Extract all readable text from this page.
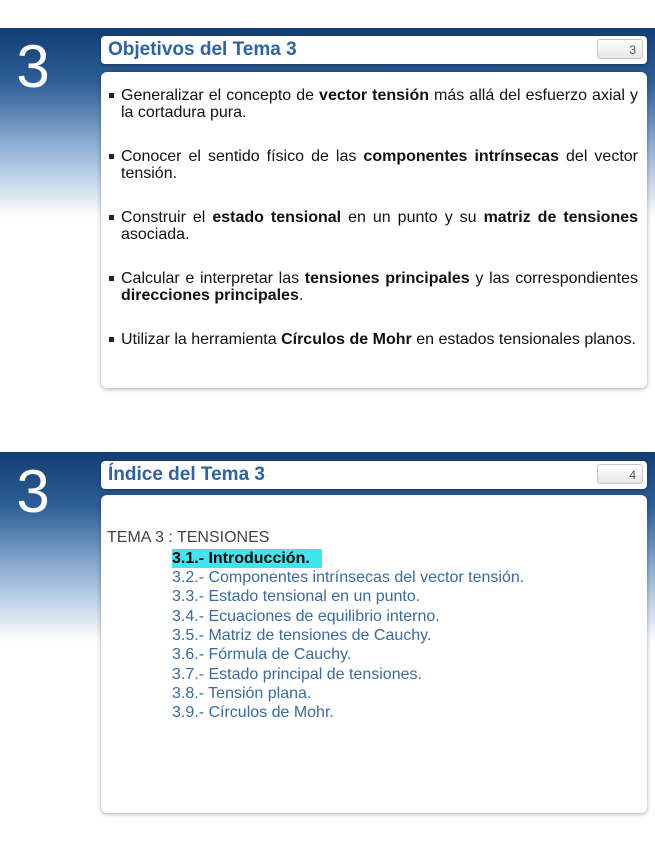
3	Objetivos del Tema 3	3
Generalizar el concepto de vector tensión más allá del esfuerzo axial y la cortadura pura.
Conocer el sentido físico de las componentes intrínsecas del vector tensión.
Construir el estado tensional en un punto y su matriz de tensiones asociada.
Calcular e interpretar las tensiones principales y las correspondientes direcciones principales.
Utilizar la herramienta Círculos de Mohr en estados tensionales planos.
3	Índice del Tema 3	4
TEMA 3 : TENSIONES
3.1.- Introducción.
3.2.- Componentes intrínsecas del vector tensión.
3.3.- Estado tensional en un punto.
3.4.- Ecuaciones de equilibrio interno.
3.5.- Matriz de tensiones de Cauchy.
3.6.- Fórmula de Cauchy.
3.7.- Estado principal de tensiones.
3.8.- Tensión plana.
3.9.- Círculos de Mohr.
